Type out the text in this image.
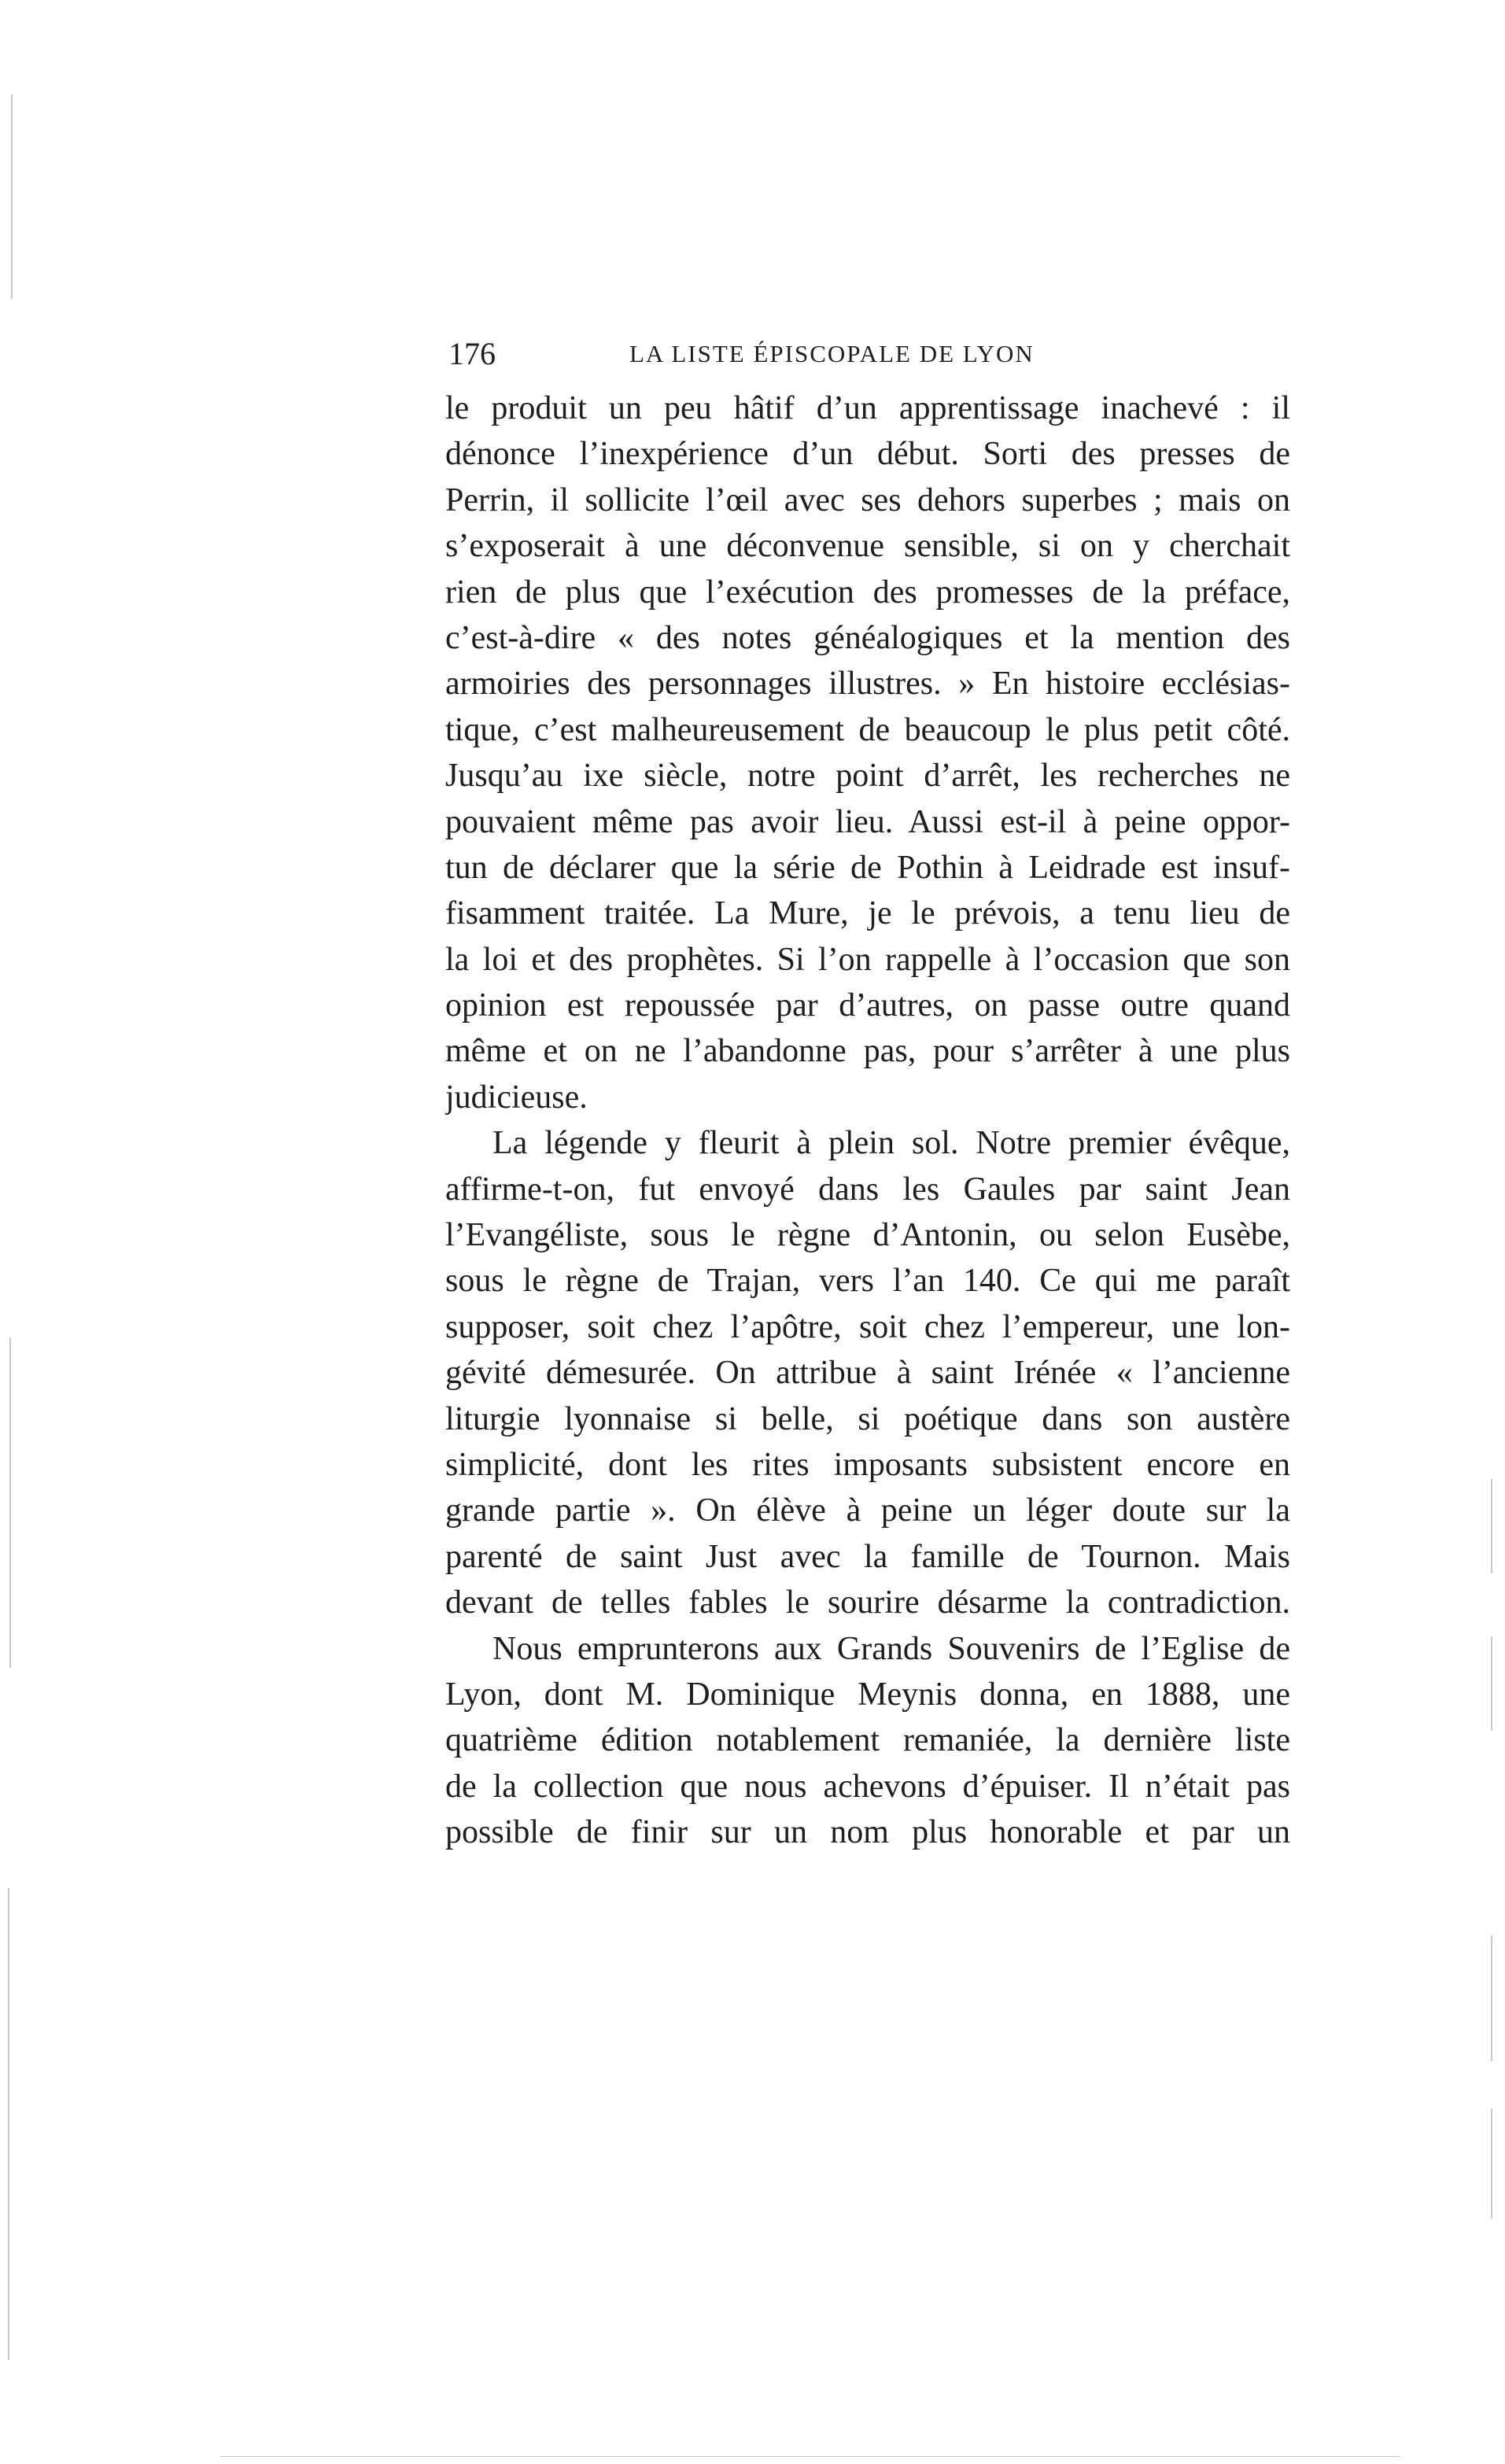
176	LA LISTE ÉPISCOPALE DE LYON
le produit un peu hâtif d’un apprentissage inachevé : il
dénonce l’inexpérience d’un début. Sorti des presses de
Perrin, il sollicite l’œil avec ses dehors superbes ; mais on
s’exposerait à une déconvenue sensible, si on y cherchait
rien de plus que l’exécution des promesses de la préface,
c’est-à-dire « des notes généalogiques et la mention des
armoiries des personnages illustres. » En histoire ecclésias-
tique, c’est malheureusement de beaucoup le plus petit côté.
Jusqu’au ixe siècle, notre point d’arrêt, les recherches ne
pouvaient même pas avoir lieu. Aussi est-il à peine oppor-
tun de déclarer que la série de Pothin à Leidrade est insuf-
fisamment traitée. La Mure, je le prévois, a tenu lieu de
la loi et des prophètes. Si l’on rappelle à l’occasion que son
opinion est repoussée par d’autres, on passe outre quand
même et on ne l’abandonne pas, pour s’arrêter à une plus
judicieuse.
La légende y fleurit à plein sol. Notre premier évêque,
affirme-t-on, fut envoyé dans les Gaules par saint Jean
l’Evangéliste, sous le règne d’Antonin, ou selon Eusèbe,
sous le règne de Trajan, vers l’an 140. Ce qui me paraît
supposer, soit chez l’apôtre, soit chez l’empereur, une lon-
gévité démesurée. On attribue à saint Irénée « l’ancienne
liturgie lyonnaise si belle, si poétique dans son austère
simplicité, dont les rites imposants subsistent encore en
grande partie ». On élève à peine un léger doute sur la
parenté de saint Just avec la famille de Tournon. Mais
devant de telles fables le sourire désarme la contradiction.
Nous emprunterons aux Grands Souvenirs de l’Eglise de
Lyon, dont M. Dominique Meynis donna, en 1888, une
quatrième édition notablement remaniée, la dernière liste
de la collection que nous achevons d’épuiser. Il n’était pas
possible de finir sur un nom plus honorable et par un
